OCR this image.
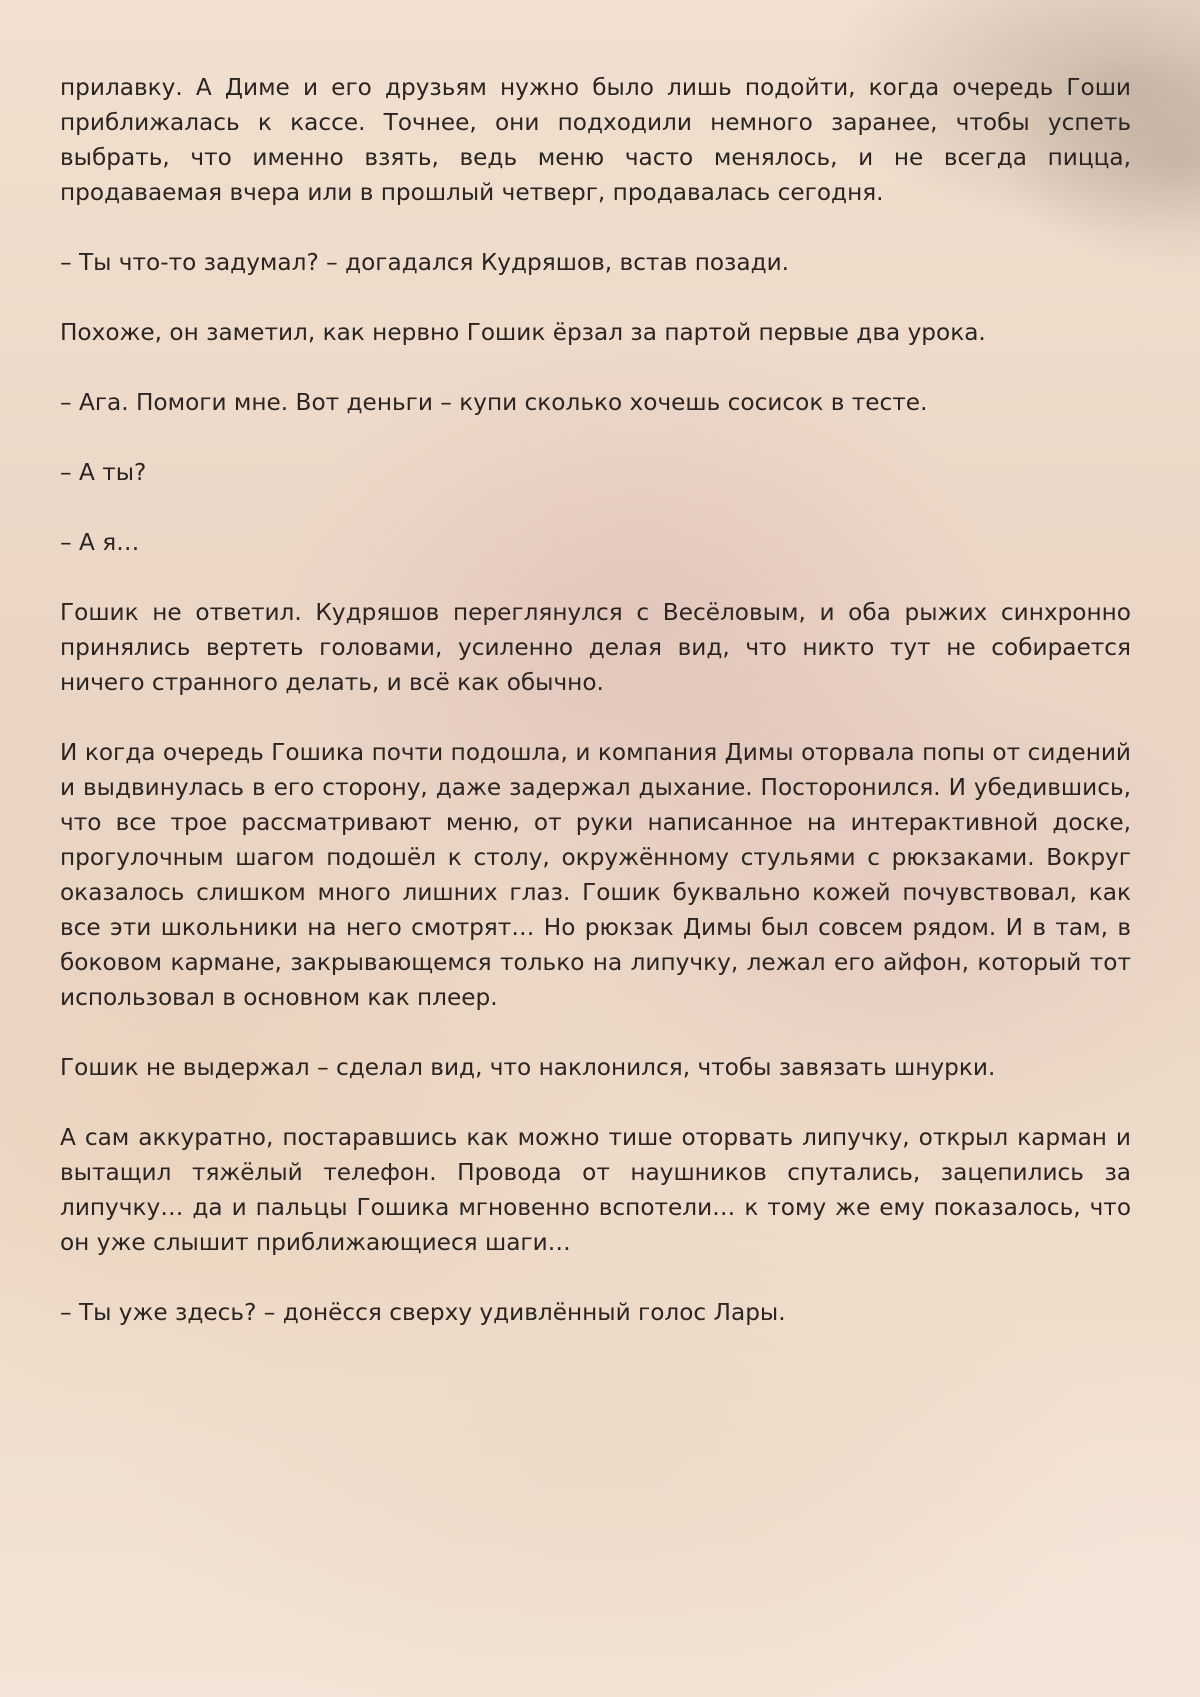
прилавку. А Диме и его друзьям нужно было лишь подойти, когда очередь Гоши приближалась к кассе. Точнее, они подходили немного заранее, чтобы успеть выбрать, что именно взять, ведь меню часто менялось, и не всегда пицца, продаваемая вчера или в прошлый четверг, продавалась сегодня.

– Ты что-то задумал? – догадался Кудряшов, встав позади.

Похоже, он заметил, как нервно Гошик ёрзал за партой первые два урока.

– Ага. Помоги мне. Вот деньги – купи сколько хочешь сосисок в тесте.

– А ты?

– А я…

Гошик не ответил. Кудряшов переглянулся с Весёловым, и оба рыжих синхронно принялись вертеть головами, усиленно делая вид, что никто тут не собирается ничего странного делать, и всё как обычно.

И когда очередь Гошика почти подошла, и компания Димы оторвала попы от сидений и выдвинулась в его сторону, даже задержал дыхание. Посторонился. И убедившись, что все трое рассматривают меню, от руки написанное на интерактивной доске, прогулочным шагом подошёл к столу, окружённому стульями с рюкзаками. Вокруг оказалось слишком много лишних глаз. Гошик буквально кожей почувствовал, как все эти школьники на него смотрят… Но рюкзак Димы был совсем рядом. И в там, в боковом кармане, закрывающемся только на липучку, лежал его айфон, который тот использовал в основном как плеер.

Гошик не выдержал – сделал вид, что наклонился, чтобы завязать шнурки.

А сам аккуратно, постаравшись как можно тише оторвать липучку, открыл карман и вытащил тяжёлый телефон. Провода от наушников спутались, зацепились за липучку… да и пальцы Гошика мгновенно вспотели… к тому же ему показалось, что он уже слышит приближающиеся шаги…

– Ты уже здесь? – донёсся сверху удивлённый голос Лары.
